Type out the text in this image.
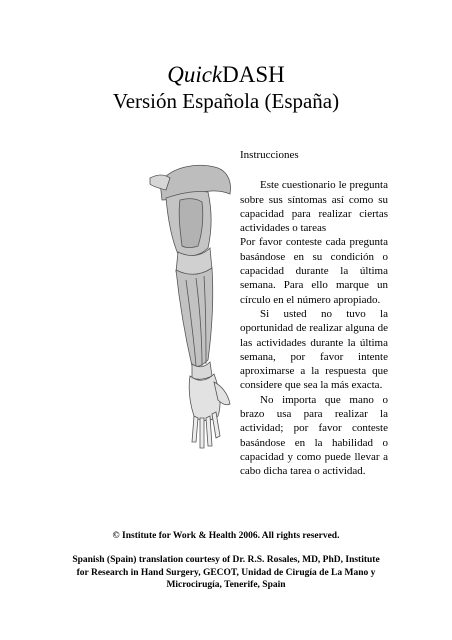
QuickDASH
Versión Española (España)
Instrucciones

Este cuestionario le pregunta sobre sus síntomas así como su capacidad para realizar ciertas actividades o tareas

Por favor conteste cada pregunta basándose en su condición o capacidad durante la última semana. Para ello marque un círculo en el número apropiado.

Si usted no tuvo la oportunidad de realizar alguna de las actividades durante la última semana, por favor intente aproximarse a la respuesta que considere que sea la más exacta.

No importa que mano o brazo usa para realizar la actividad; por favor conteste basándose en la habilidad o capacidad y como puede llevar a cabo dicha tarea o actividad.

© Institute for Work & Health 2006. All rights reserved.
Spanish (Spain) translation courtesy of Dr. R.S. Rosales, MD, PhD, Institute for Research in Hand Surgery, GECOT, Unidad de Cirugía de La Mano y Microcirugía, Tenerife, Spain
